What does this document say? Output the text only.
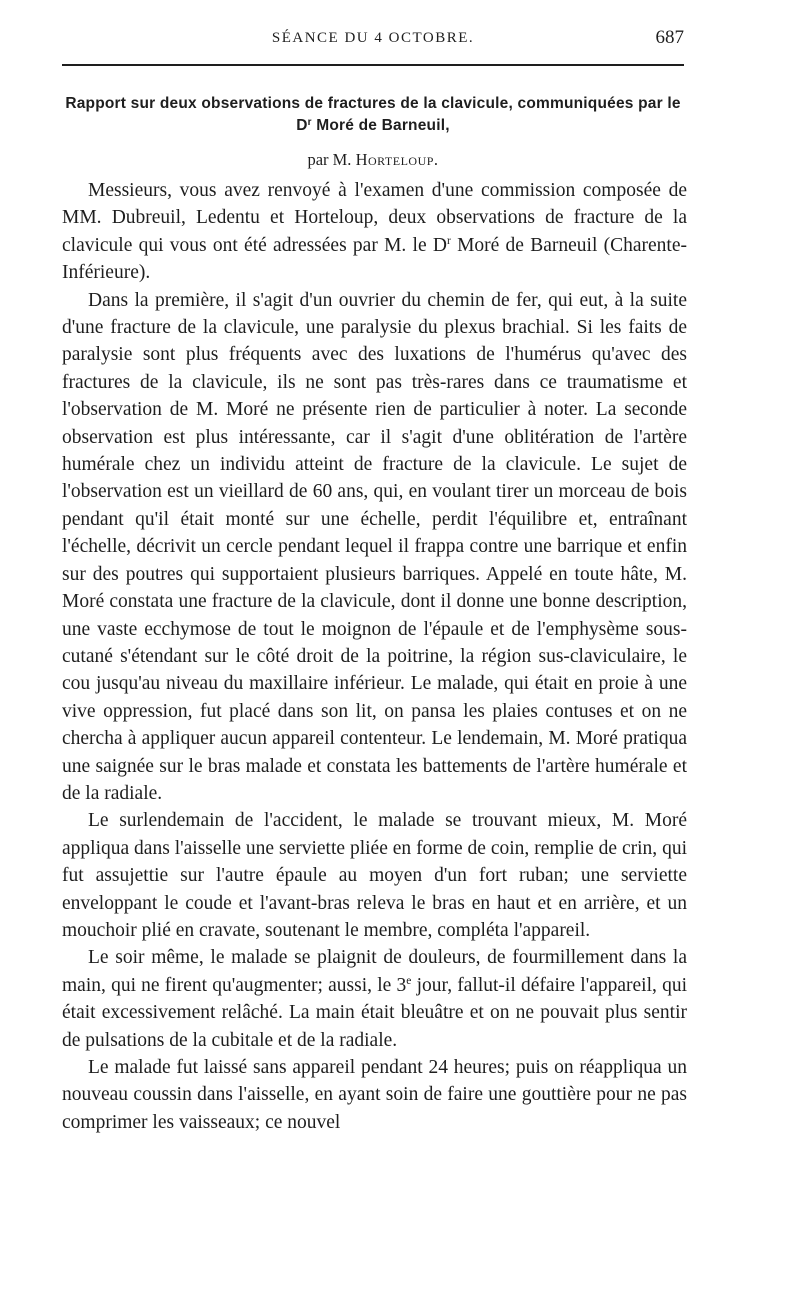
SÉANCE DU 4 OCTOBRE.	687
Rapport sur deux observations de fractures de la clavicule, communiquées par le $D^r$ Moré de Barneuil,
par M. Horteloup.

Messieurs, vous avez renvoyé à l'examen d'une commission composée de MM. Dubreuil, Ledentu et Horteloup, deux observations de fracture de la clavicule qui vous ont été adressées par M. le $D^r$ Moré de Barneuil (Charente-Inférieure).

Dans la première, il s'agit d'un ouvrier du chemin de fer, qui eut, à la suite d'une fracture de la clavicule, une paralysie du plexus brachial. Si les faits de paralysie sont plus fréquents avec des luxations de l'humérus qu'avec des fractures de la clavicule, ils ne sont pas très-rares dans ce traumatisme et l'observation de M. Moré ne présente rien de particulier à noter. La seconde observation est plus intéressante, car il s'agit d'une oblitération de l'artère humérale chez un individu atteint de fracture de la clavicule. Le sujet de l'observation est un vieillard de 60 ans, qui, en voulant tirer un morceau de bois pendant qu'il était monté sur une échelle, perdit l'équilibre et, entraînant l'échelle, décrivit un cercle pendant lequel il frappa contre une barrique et enfin sur des poutres qui supportaient plusieurs barriques. Appelé en toute hâte, M. Moré constata une fracture de la clavicule, dont il donne une bonne description, une vaste ecchymose de tout le moignon de l'épaule et de l'emphysème sous-cutané s'étendant sur le côté droit de la poitrine, la région sus-claviculaire, le cou jusqu'au niveau du maxillaire inférieur. Le malade, qui était en proie à une vive oppression, fut placé dans son lit, on pansa les plaies contuses et on ne chercha à appliquer aucun appareil contenteur. Le lendemain, M. Moré pratiqua une saignée sur le bras malade et constata les battements de l'artère humérale et de la radiale.

Le surlendemain de l'accident, le malade se trouvant mieux, M. Moré appliqua dans l'aisselle une serviette pliée en forme de coin, remplie de crin, qui fut assujettie sur l'autre épaule au moyen d'un fort ruban; une serviette enveloppant le coude et l'avant-bras releva le bras en haut et en arrière, et un mouchoir plié en cravate, soutenant le membre, compléta l'appareil.

Le soir même, le malade se plaignit de douleurs, de fourmillement dans la main, qui ne firent qu'augmenter; aussi, le 3e jour, fallut-il défaire l'appareil, qui était excessivement relâché. La main était bleuâtre et on ne pouvait plus sentir de pulsations de la cubitale et de la radiale.

Le malade fut laissé sans appareil pendant 24 heures; puis on réappliqua un nouveau coussin dans l'aisselle, en ayant soin de faire une gouttière pour ne pas comprimer les vaisseaux; ce nouvel
